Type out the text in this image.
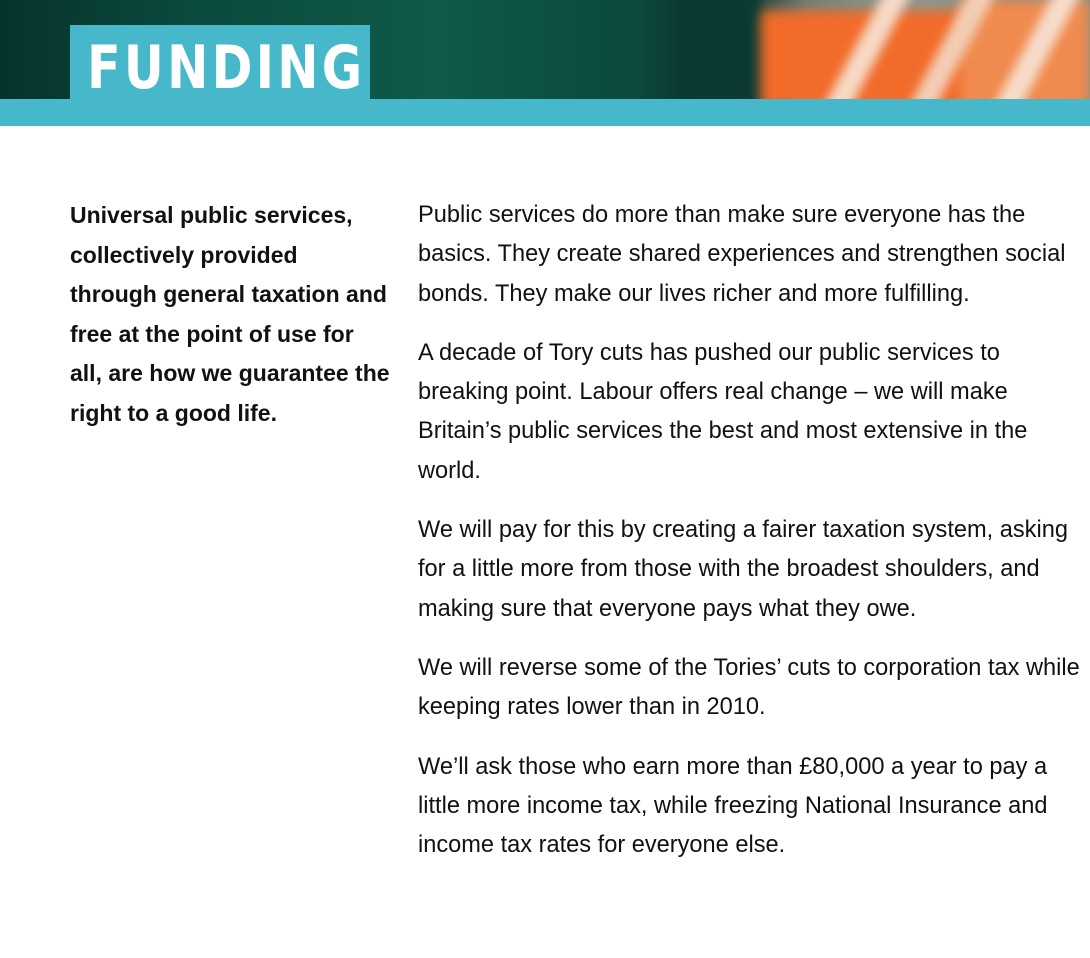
FUNDING

Universal public services, collectively provided through general taxation and free at the point of use for all, are how we guarantee the right to a good life.

Public services do more than make sure everyone has the basics. They create shared experiences and strengthen social bonds. They make our lives richer and more fulfilling.

A decade of Tory cuts has pushed our public services to breaking point. Labour offers real change – we will make Britain’s public services the best and most extensive in the world.

We will pay for this by creating a fairer taxation system, asking for a little more from those with the broadest shoulders, and making sure that everyone pays what they owe.

We will reverse some of the Tories’ cuts to corporation tax while keeping rates lower than in 2010.

We’ll ask those who earn more than £80,000 a year to pay a little more income tax, while freezing National Insurance and income tax rates for everyone else.
